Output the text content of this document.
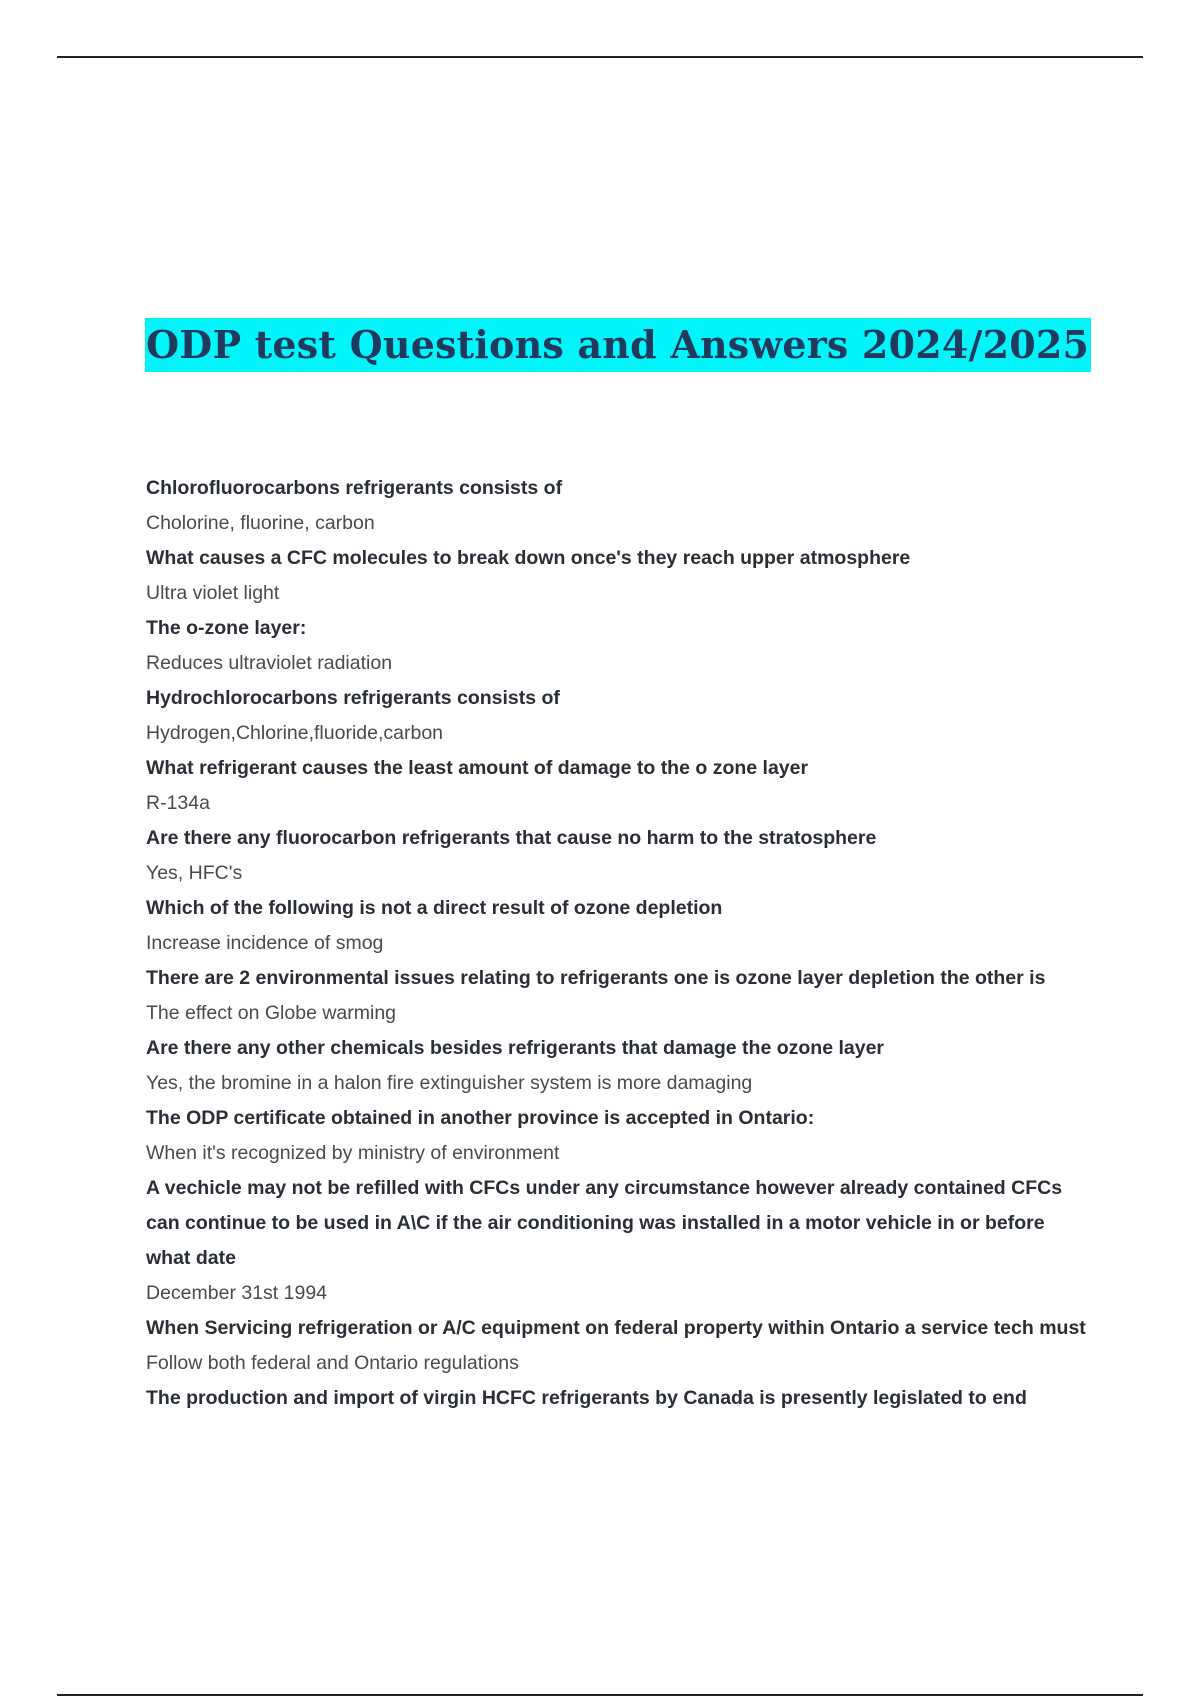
ODP test Questions and Answers 2024/2025

Chlorofluorocarbons refrigerants consists of

Cholorine, fluorine, carbon

What causes a CFC molecules to break down once's they reach upper atmosphere

Ultra violet light

The o-zone layer:

Reduces ultraviolet radiation

Hydrochlorocarbons refrigerants consists of

Hydrogen,Chlorine,fluoride,carbon

What refrigerant causes the least amount of damage to the o zone layer

R-134a

Are there any fluorocarbon refrigerants that cause no harm to the stratosphere

Yes, HFC's

Which of the following is not a direct result of ozone depletion

Increase incidence of smog

There are 2 environmental issues relating to refrigerants one is ozone layer depletion the other is

The effect on Globe warming

Are there any other chemicals besides refrigerants that damage the ozone layer

Yes, the bromine in a halon fire extinguisher system is more damaging

The ODP certificate obtained in another province is accepted in Ontario:

When it's recognized by ministry of environment

A vechicle may not be refilled with CFCs under any circumstance however already contained CFCs can continue to be used in A\C if the air conditioning was installed in a motor vehicle in or before what date

December 31st 1994

When Servicing refrigeration or A/C equipment on federal property within Ontario a service tech must

Follow both federal and Ontario regulations

The production and import of virgin HCFC refrigerants by Canada is presently legislated to end
